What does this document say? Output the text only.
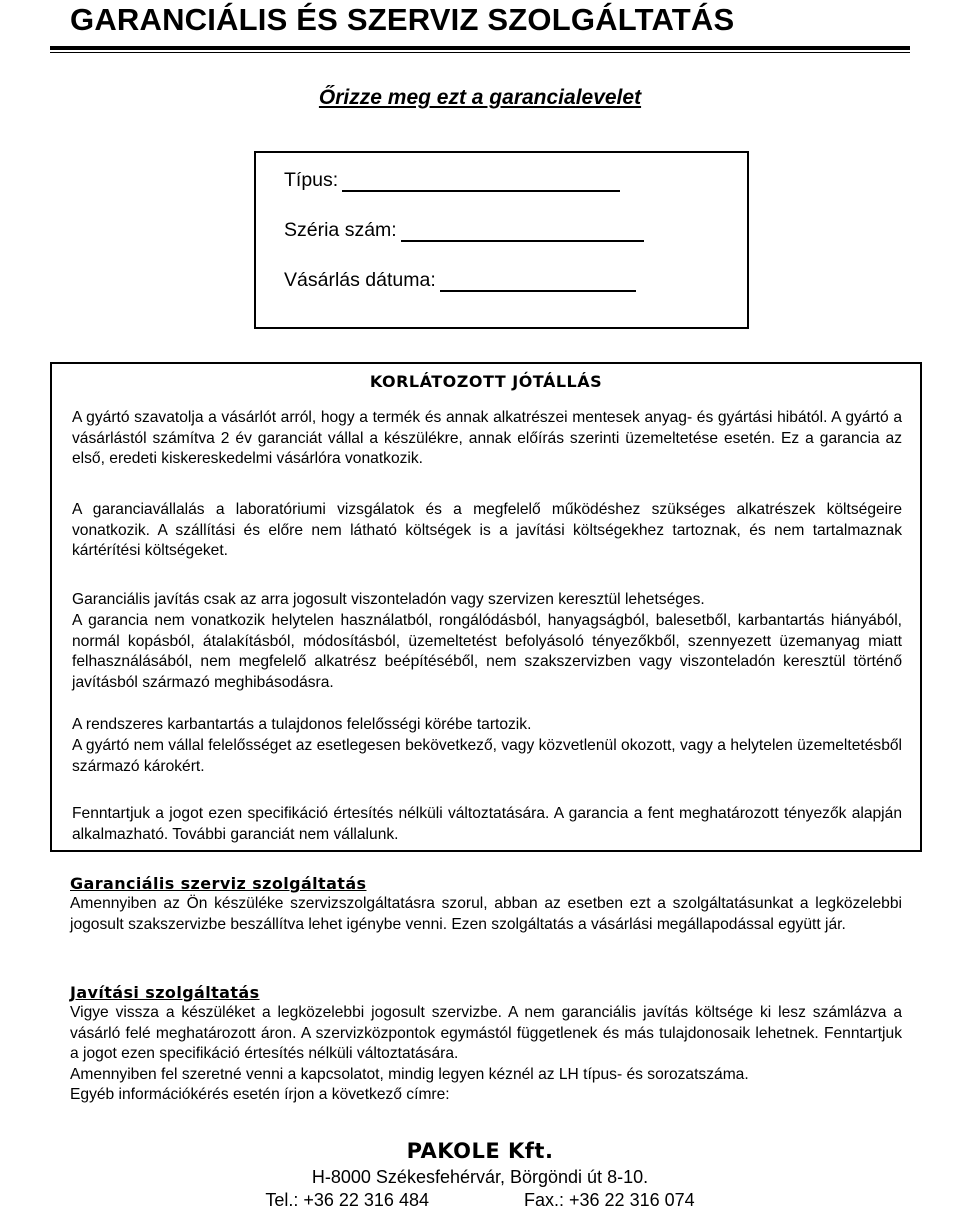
GARANCIÁLIS ÉS SZERVIZ SZOLGÁLTATÁS
Őrizze meg ezt a garancialevelet
Típus:
Széria szám:
Vásárlás dátuma:
KORLÁTOZOTT JÓTÁLLÁS

A gyártó szavatolja a vásárlót arról, hogy a termék és annak alkatrészei mentesek anyag- és gyártási hibától. A gyártó a vásárlástól számítva 2 év garanciát vállal a készülékre, annak előírás szerinti üzemeltetése esetén. Ez a garancia az első, eredeti kiskereskedelmi vásárlóra vonatkozik.

A garanciavállalás a laboratóriumi vizsgálatok és a megfelelő működéshez szükséges alkatrészek költségeire vonatkozik. A szállítási és előre nem látható költségek is a javítási költségekhez tartoznak, és nem tartalmaznak kártérítési költségeket.

Garanciális javítás csak az arra jogosult viszonteladón vagy szervizen keresztül lehetséges.

A garancia nem vonatkozik helytelen használatból, rongálódásból, hanyagságból, balesetből, karbantartás hiányából, normál kopásból, átalakításból, módosításból, üzemeltetést befolyásoló tényezőkből, szennyezett üzemanyag miatt felhasználásából, nem megfelelő alkatrész beépítéséből, nem szakszervizben vagy viszonteladón keresztül történő javításból származó meghibásodásra.

A rendszeres karbantartás a tulajdonos felelősségi körébe tartozik.

A gyártó nem vállal felelősséget az esetlegesen bekövetkező, vagy közvetlenül okozott, vagy a helytelen üzemeltetésből származó károkért.

Fenntartjuk a jogot ezen specifikáció értesítés nélküli változtatására. A garancia a fent meghatározott tényezők alapján alkalmazható. További garanciát nem vállalunk.

Garanciális szerviz szolgáltatás

Amennyiben az Ön készüléke szervizszolgáltatásra szorul, abban az esetben ezt a szolgáltatásunkat a legközelebbi jogosult szakszervizbe beszállítva lehet igénybe venni. Ezen szolgáltatás a vásárlási megállapodással együtt jár.

Javítási szolgáltatás

Vigye vissza a készüléket a legközelebbi jogosult szervizbe. A nem garanciális javítás költsége ki lesz számlázva a vásárló felé meghatározott áron. A szervizközpontok egymástól függetlenek és más tulajdonosaik lehetnek. Fenntartjuk a jogot ezen specifikáció értesítés nélküli változtatására.

Amennyiben fel szeretné venni a kapcsolatot, mindig legyen kéznél az LH típus- és sorozatszáma.

Egyéb információkérés esetén írjon a következő címre:

PAKOLE Kft.
H-8000 Székesfehérvár, Börgöndi út 8-10.
Tel.: +36 22 316 484	Fax.: +36 22 316 074
